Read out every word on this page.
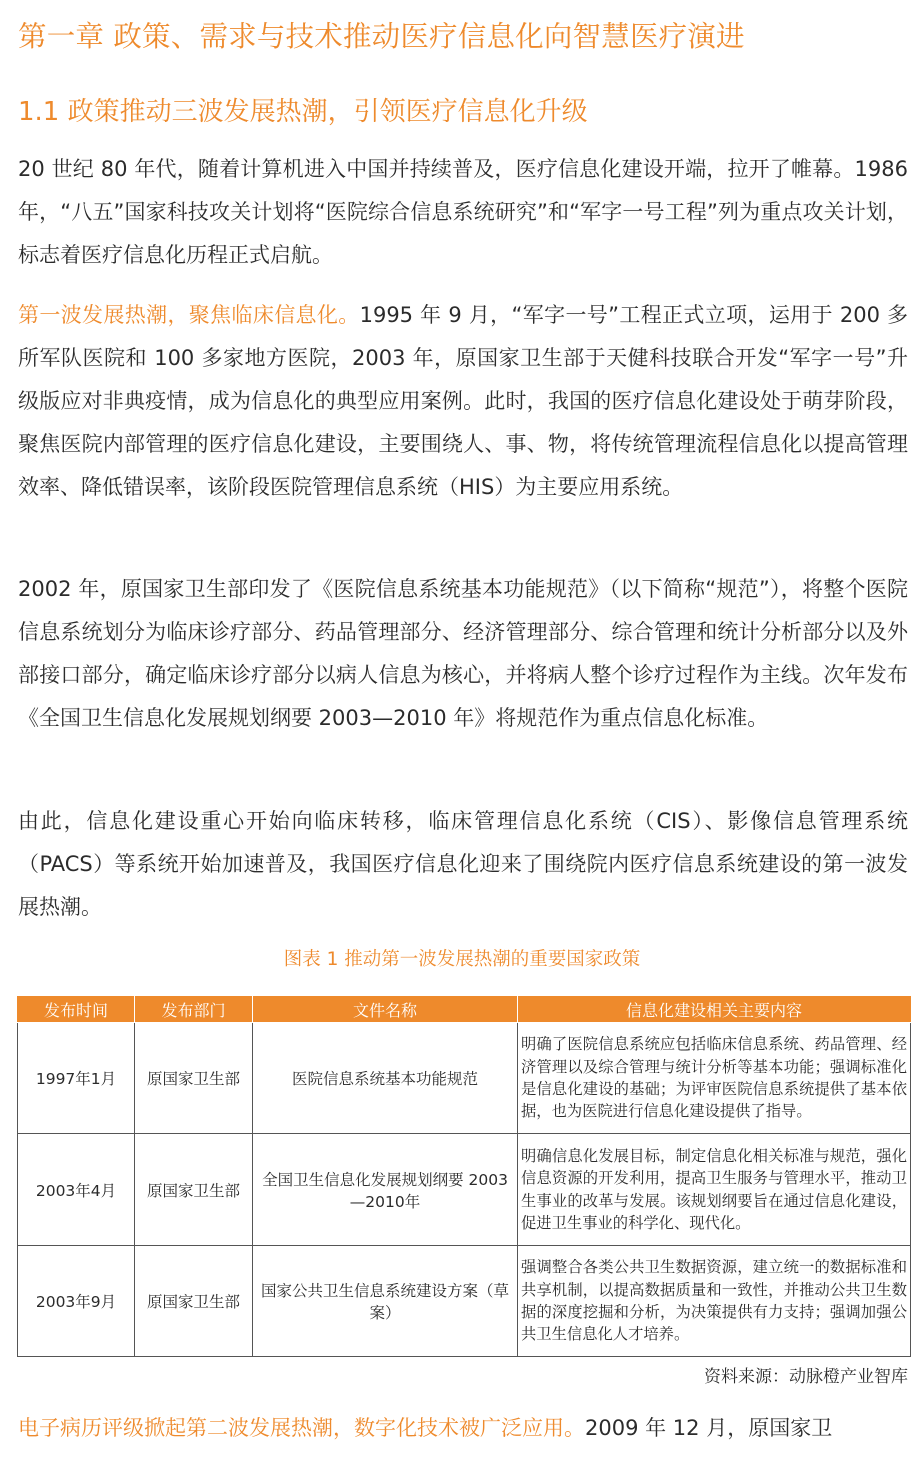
第一章 政策、需求与技术推动医疗信息化向智慧医疗演进
1.1 政策推动三波发展热潮，引领医疗信息化升级

20 世纪 80 年代，随着计算机进入中国并持续普及，医疗信息化建设开端，拉开了帷幕。1986 年，“八五”国家科技攻关计划将“医院综合信息系统研究”和“军字一号工程”列为重点攻关计划，标志着医疗信息化历程正式启航。

第一波发展热潮，聚焦临床信息化。1995 年 9 月，“军字一号”工程正式立项，运用于 200 多所军队医院和 100 多家地方医院，2003 年，原国家卫生部于天健科技联合开发“军字一号”升级版应对非典疫情，成为信息化的典型应用案例。此时，我国的医疗信息化建设处于萌芽阶段，聚焦医院内部管理的医疗信息化建设，主要围绕人、事、物，将传统管理流程信息化以提高管理效率、降低错误率，该阶段医院管理信息系统（HIS）为主要应用系统。

2002 年，原国家卫生部印发了《医院信息系统基本功能规范》（以下简称“规范”），将整个医院信息系统划分为临床诊疗部分、药品管理部分、经济管理部分、综合管理和统计分析部分以及外部接口部分，确定临床诊疗部分以病人信息为核心，并将病人整个诊疗过程作为主线。次年发布《全国卫生信息化发展规划纲要 2003—2010 年》将规范作为重点信息化标准。

由此，信息化建设重心开始向临床转移，临床管理信息化系统（CIS）、影像信息管理系统（PACS）等系统开始加速普及，我国医疗信息化迎来了围绕院内医疗信息系统建设的第一波发展热潮。

图表 1 推动第一波发展热潮的重要国家政策
发布时间	发布部门	文件名称	信息化建设相关主要内容
1997年1月	原国家卫生部	医院信息系统基本功能规范	明确了医院信息系统应包括临床信息系统、药品管理、经济管理以及综合管理与统计分析等基本功能；强调标准化是信息化建设的基础；为评审医院信息系统提供了基本依据，也为医院进行信息化建设提供了指导。
2003年4月	原国家卫生部	全国卫生信息化发展规划纲要 2003—2010年	明确信息化发展目标，制定信息化相关标准与规范，强化信息资源的开发利用，提高卫生服务与管理水平，推动卫生事业的改革与发展。该规划纲要旨在通过信息化建设，促进卫生事业的科学化、现代化。
2003年9月	原国家卫生部	国家公共卫生信息系统建设方案（草案）	强调整合各类公共卫生数据资源，建立统一的数据标准和共享机制，以提高数据质量和一致性，并推动公共卫生数据的深度挖掘和分析，为决策提供有力支持；强调加强公共卫生信息化人才培养。
资料来源：动脉橙产业智库

电子病历评级掀起第二波发展热潮，数字化技术被广泛应用。2009 年 12 月，原国家卫
